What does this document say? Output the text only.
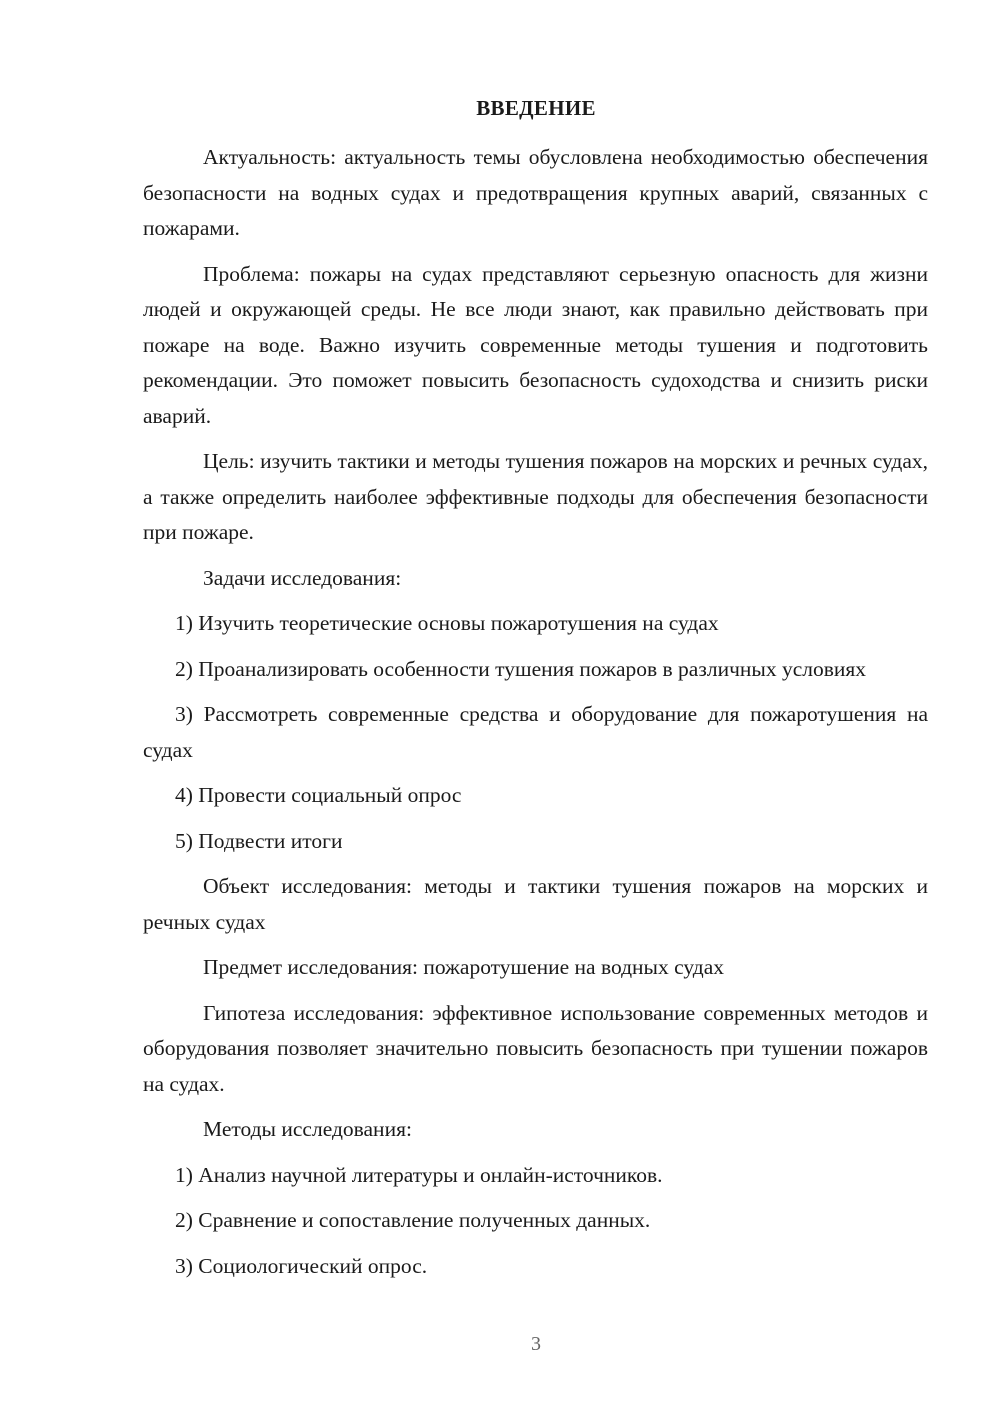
ВВЕДЕНИЕ

Актуальность: актуальность темы обусловлена необходимостью обеспечения безопасности на водных судах и предотвращения крупных аварий, связанных с пожарами.

Проблема: пожары на судах представляют серьезную опасность для жизни людей и окружающей среды. Не все люди знают, как правильно действовать при пожаре на воде. Важно изучить современные методы тушения и подготовить рекомендации. Это поможет повысить безопасность судоходства и снизить риски аварий.

Цель: изучить тактики и методы тушения пожаров на морских и речных судах, а также определить наиболее эффективные подходы для обеспечения безопасности при пожаре.

Задачи исследования:

1) Изучить теоретические основы пожаротушения на судах

2) Проанализировать особенности тушения пожаров в различных условиях

3) Рассмотреть современные средства и оборудование для пожаротушения на судах

4) Провести социальный опрос

5) Подвести итоги

Объект исследования: методы и тактики тушения пожаров на морских и речных судах

Предмет исследования: пожаротушение на водных судах

Гипотеза исследования: эффективное использование современных методов и оборудования позволяет значительно повысить безопасность при тушении пожаров на судах.

Методы исследования:

1) Анализ научной литературы и онлайн-источников.

2) Сравнение и сопоставление полученных данных.

3) Социологический опрос.

3
